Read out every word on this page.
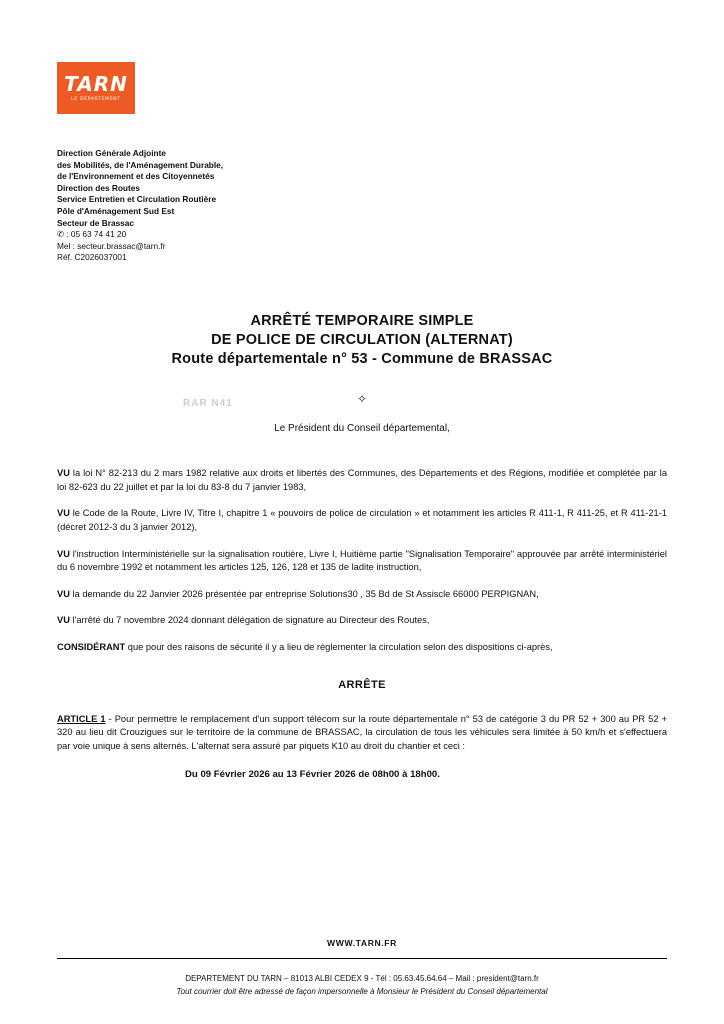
TARN
LE DÉPARTEMENT
Direction Générale Adjointe
des Mobilités, de l'Aménagement Durable,
de l'Environnement et des Citoyennetés
Direction des Routes
Service Entretien et Circulation Routière
Pôle d'Aménagement Sud Est
Secteur de Brassac
✆ : 05 63 74 41 20
Mel : secteur.brassac@tarn.fr
Réf. C2026037001
ARRÊTÉ TEMPORAIRE SIMPLE
DE POLICE DE CIRCULATION (ALTERNAT)
Route départementale n° 53 - Commune de BRASSAC
RAR N41	✧
Le Président du Conseil départemental,

VU la loi N° 82-213 du 2 mars 1982 relative aux droits et libertés des Communes, des Départements et des Régions, modifiée et complétée par la loi 82-623 du 22 juillet et par la loi du 83-8 du 7 janvier 1983,

VU le Code de la Route, Livre IV, Titre I, chapitre 1 « pouvoirs de police de circulation » et notamment les articles R 411-1, R 411-25, et R 411-21-1 (décret 2012-3 du 3 janvier 2012),

VU l'instruction Interministérielle sur la signalisation routière, Livre I, Huitième partie "Signalisation Temporaire" approuvée par arrêté interministériel du 6 novembre 1992 et notamment les articles 125, 126, 128 et 135 de ladite instruction,

VU la demande du 22 Janvier 2026 présentée par entreprise Solutions30 , 35 Bd de St Assiscle 66000 PERPIGNAN,

VU l'arrêté du 7 novembre 2024 donnant délégation de signature au Directeur des Routes,

CONSIDÉRANT que pour des raisons de sécurité il y a lieu de règlementer la circulation selon des dispositions ci-après,

ARRÊTE
ARTICLE 1 - Pour permettre le remplacement d'un support télécom sur la route départementale n° 53 de catégorie 3 du PR 52 + 300 au PR 52 + 320 au lieu dit Crouzigues sur le territoire de la commune de BRASSAC, la circulation de tous les véhicules sera limitée à 50 km/h et s'effectuera par voie unique à sens alternés. L'alternat sera assuré par piquets K10 au droit du chantier et ceci :
Du 09 Février 2026 au 13 Février 2026 de 08h00 à 18h00.
WWW.TARN.FR
DEPARTEMENT DU TARN – 81013 ALBI CEDEX 9 - Tél : 05.63.45.64.64 – Mail : president@tarn.fr
Tout courrier doit être adressé de façon impersonnelle à Monsieur le Président du Conseil départemental
